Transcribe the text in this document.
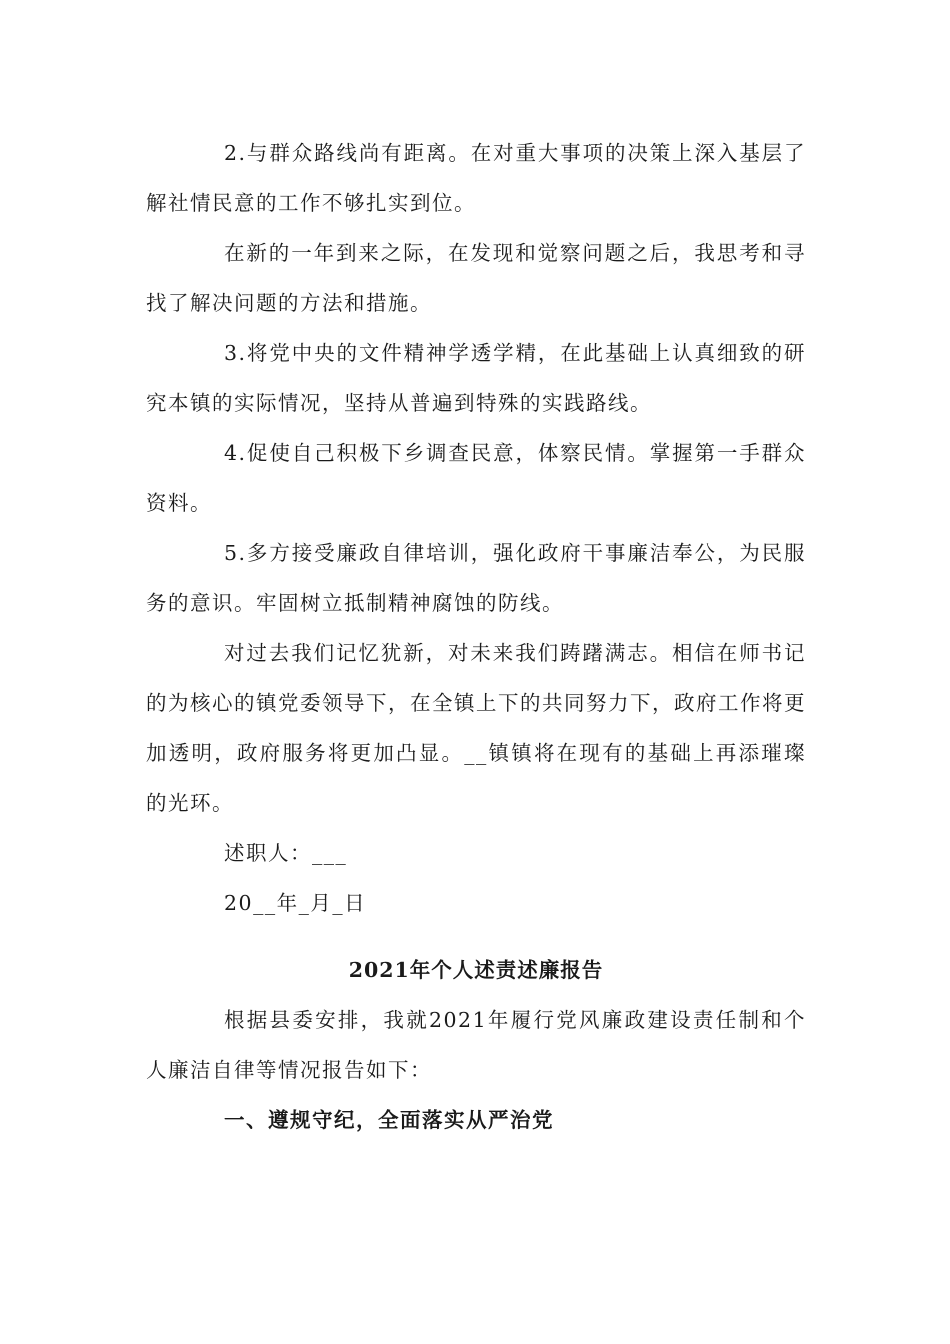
2.与群众路线尚有距离。在对重大事项的决策上深入基层了解社情民意的工作不够扎实到位。

在新的一年到来之际，在发现和觉察问题之后，我思考和寻找了解决问题的方法和措施。

3.将党中央的文件精神学透学精，在此基础上认真细致的研究本镇的实际情况，坚持从普遍到特殊的实践路线。

4.促使自己积极下乡调查民意，体察民情。掌握第一手群众资料。

5.多方接受廉政自律培训，强化政府干事廉洁奉公，为民服务的意识。牢固树立抵制精神腐蚀的防线。

对过去我们记忆犹新，对未来我们踌躇满志。相信在师书记的为核心的镇党委领导下，在全镇上下的共同努力下，政府工作将更加透明，政府服务将更加凸显。__镇镇将在现有的基础上再添璀璨的光环。

述职人：___

20__年_月_日

2021年个人述责述廉报告

根据县委安排，我就2021年履行党风廉政建设责任制和个人廉洁自律等情况报告如下：

一、遵规守纪，全面落实从严治党
